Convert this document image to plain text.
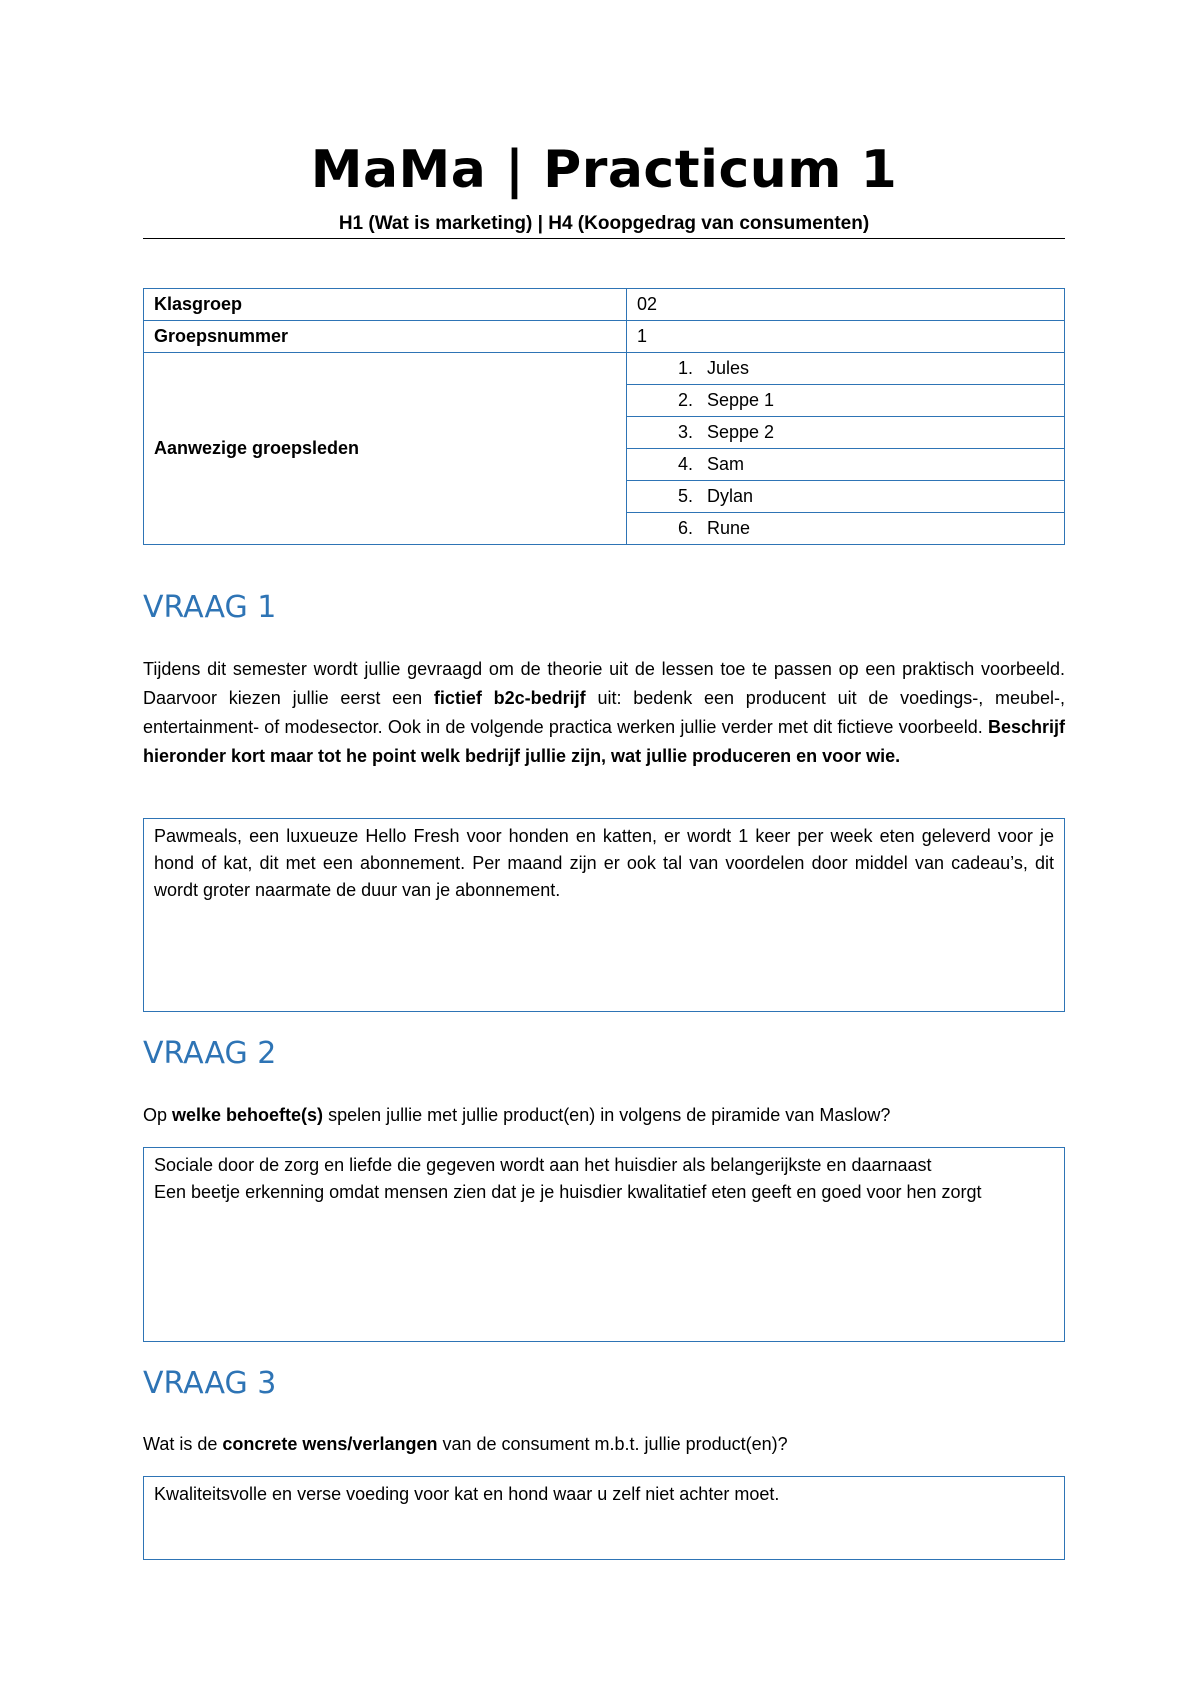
MaMa | Practicum 1
H1 (Wat is marketing) | H4 (Koopgedrag van consumenten)
Klasgroep	02
Groepsnummer	1
Aanwezige groepsleden	1. Jules
	2. Seppe 1
	3. Seppe 2
	4. Sam
	5. Dylan
	6. Rune
VRAAG 1

Tijdens dit semester wordt jullie gevraagd om de theorie uit de lessen toe te passen op een praktisch voorbeeld. Daarvoor kiezen jullie eerst een fictief b2c-bedrijf uit: bedenk een producent uit de voedings-, meubel-, entertainment- of modesector. Ook in de volgende practica werken jullie verder met dit fictieve voorbeeld. Beschrijf hieronder kort maar tot he point welk bedrijf jullie zijn, wat jullie produceren en voor wie.

Pawmeals, een luxueuze Hello Fresh voor honden en katten, er wordt 1 keer per week eten geleverd voor je hond of kat, dit met een abonnement. Per maand zijn er ook tal van voordelen door middel van cadeau’s, dit wordt groter naarmate de duur van je abonnement.
VRAAG 2

Op welke behoefte(s) spelen jullie met jullie product(en) in volgens de piramide van Maslow?

Sociale door de zorg en liefde die gegeven wordt aan het huisdier als belangerijkste en daarnaast
Een beetje erkenning omdat mensen zien dat je je huisdier kwalitatief eten geeft en goed voor hen zorgt
VRAAG 3

Wat is de concrete wens/verlangen van de consument m.b.t. jullie product(en)?

Kwaliteitsvolle en verse voeding voor kat en hond waar u zelf niet achter moet.
